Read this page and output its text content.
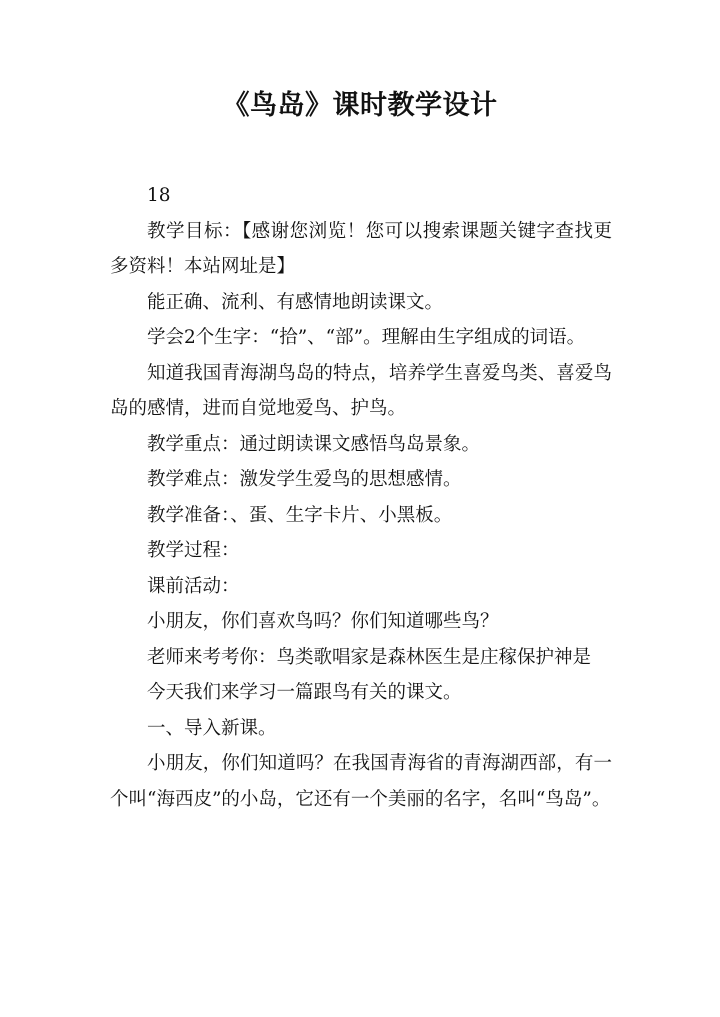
《鸟岛》课时教学设计

18

教学目标：【感谢您浏览！您可以搜索课题关键字查找更多资料！本站网址是】

能正确、流利、有感情地朗读课文。

学会2个生字：“拾”、“部”。理解由生字组成的词语。

知道我国青海湖鸟岛的特点，培养学生喜爱鸟类、喜爱鸟岛的感情，进而自觉地爱鸟、护鸟。

教学重点：通过朗读课文感悟鸟岛景象。

教学难点：激发学生爱鸟的思想感情。

教学准备：、蛋、生字卡片、小黑板。

教学过程：

课前活动：

小朋友，你们喜欢鸟吗？你们知道哪些鸟？

老师来考考你：鸟类歌唱家是森林医生是庄稼保护神是

今天我们来学习一篇跟鸟有关的课文。

一、导入新课。

小朋友，你们知道吗？在我国青海省的青海湖西部，有一个叫“海西皮”的小岛，它还有一个美丽的名字，名叫“鸟岛”。
